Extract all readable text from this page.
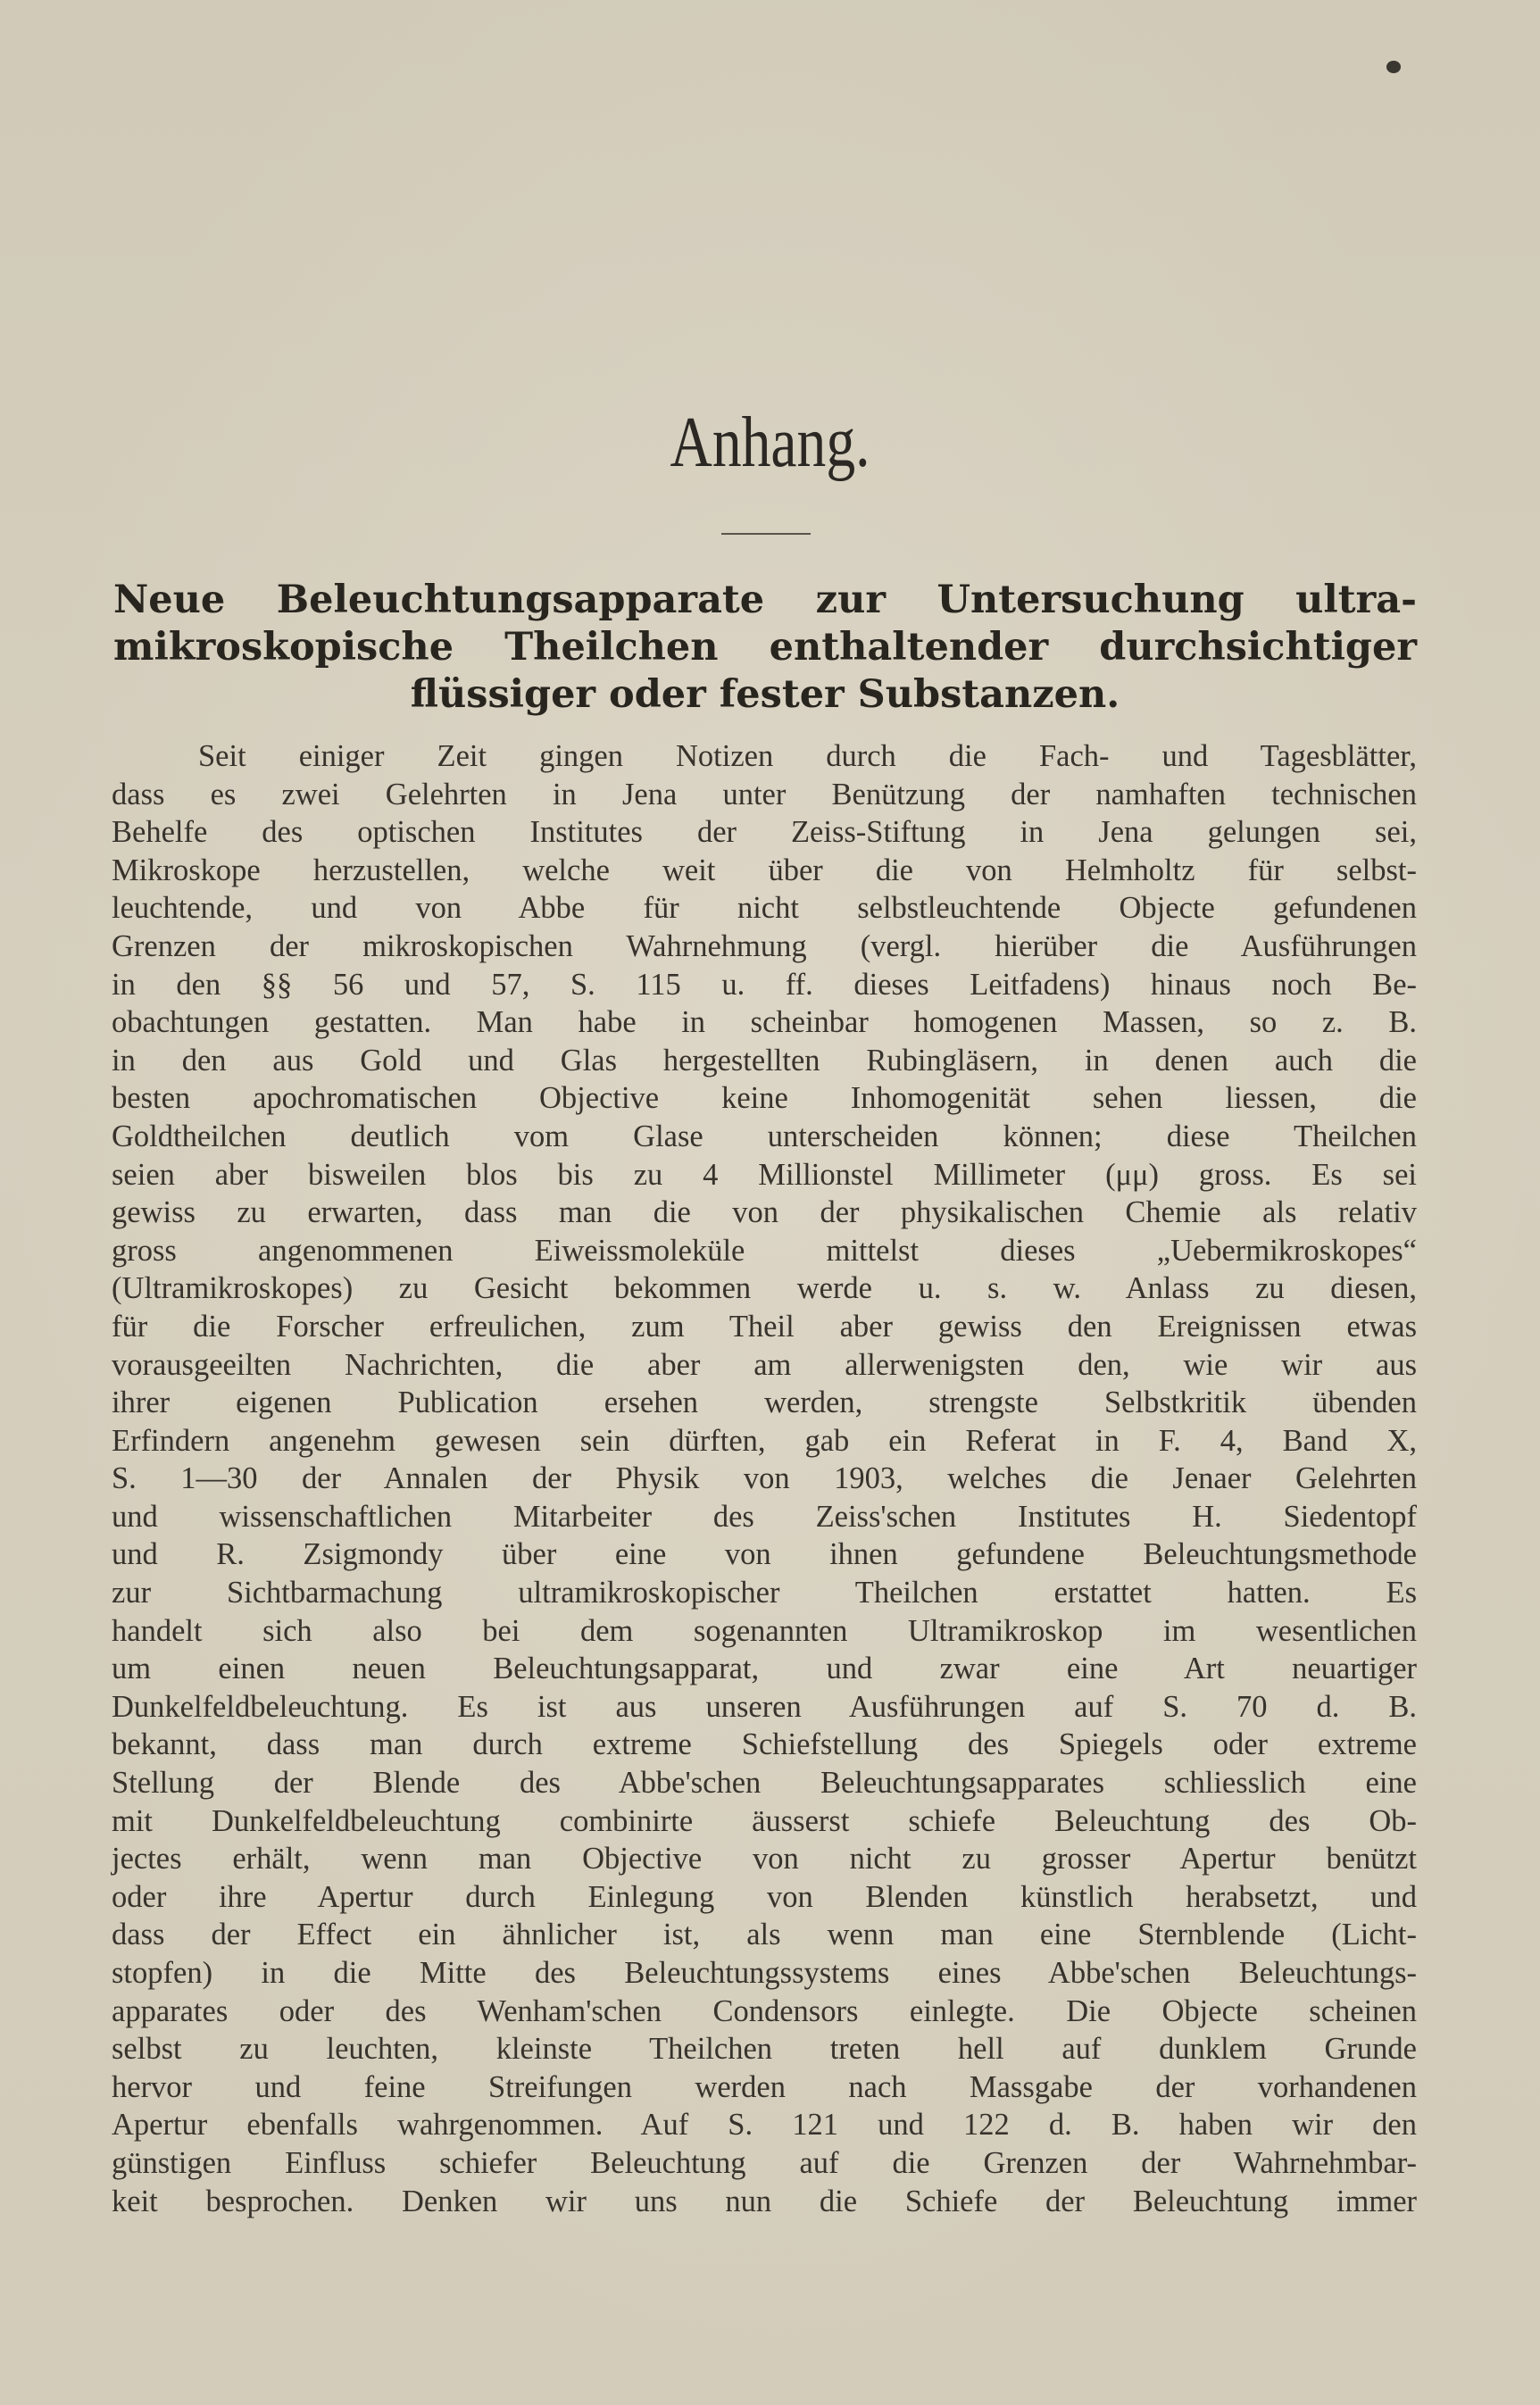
Anhang.
Neue Beleuchtungsapparate zur Untersuchung ultra-
mikroskopische Theilchen enthaltender durchsichtiger
flüssiger oder fester Substanzen.
Seit einiger Zeit gingen Notizen durch die Fach- und Tagesblätter,
dass es zwei Gelehrten in Jena unter Benützung der namhaften technischen
Behelfe des optischen Institutes der Zeiss-Stiftung in Jena gelungen sei,
Mikroskope herzustellen, welche weit über die von Helmholtz für selbst-
leuchtende, und von Abbe für nicht selbstleuchtende Objecte gefundenen
Grenzen der mikroskopischen Wahrnehmung (vergl. hierüber die Ausführungen
in den §§ 56 und 57, S. 115 u. ff. dieses Leitfadens) hinaus noch Be-
obachtungen gestatten. Man habe in scheinbar homogenen Massen, so z. B.
in den aus Gold und Glas hergestellten Rubingläsern, in denen auch die
besten apochromatischen Objective keine Inhomogenität sehen liessen, die
Goldtheilchen deutlich vom Glase unterscheiden können; diese Theilchen
seien aber bisweilen blos bis zu 4 Millionstel Millimeter (μμ) gross. Es sei
gewiss zu erwarten, dass man die von der physikalischen Chemie als relativ
gross angenommenen Eiweissmoleküle mittelst dieses „Uebermikroskopes“
(Ultramikroskopes) zu Gesicht bekommen werde u. s. w. Anlass zu diesen,
für die Forscher erfreulichen, zum Theil aber gewiss den Ereignissen etwas
vorausgeeilten Nachrichten, die aber am allerwenigsten den, wie wir aus
ihrer eigenen Publication ersehen werden, strengste Selbstkritik übenden
Erfindern angenehm gewesen sein dürften, gab ein Referat in F. 4, Band X,
S. 1—30 der Annalen der Physik von 1903, welches die Jenaer Gelehrten
und wissenschaftlichen Mitarbeiter des Zeiss'schen Institutes H. Siedentopf
und R. Zsigmondy über eine von ihnen gefundene Beleuchtungsmethode
zur Sichtbarmachung ultramikroskopischer Theilchen erstattet hatten. Es
handelt sich also bei dem sogenannten Ultramikroskop im wesentlichen
um einen neuen Beleuchtungsapparat, und zwar eine Art neuartiger
Dunkelfeldbeleuchtung. Es ist aus unseren Ausführungen auf S. 70 d. B.
bekannt, dass man durch extreme Schiefstellung des Spiegels oder extreme
Stellung der Blende des Abbe'schen Beleuchtungsapparates schliesslich eine
mit Dunkelfeldbeleuchtung combinirte äusserst schiefe Beleuchtung des Ob-
jectes erhält, wenn man Objective von nicht zu grosser Apertur benützt
oder ihre Apertur durch Einlegung von Blenden künstlich herabsetzt, und
dass der Effect ein ähnlicher ist, als wenn man eine Sternblende (Licht-
stopfen) in die Mitte des Beleuchtungssystems eines Abbe'schen Beleuchtungs-
apparates oder des Wenham'schen Condensors einlegte. Die Objecte scheinen
selbst zu leuchten, kleinste Theilchen treten hell auf dunklem Grunde
hervor und feine Streifungen werden nach Massgabe der vorhandenen
Apertur ebenfalls wahrgenommen. Auf S. 121 und 122 d. B. haben wir den
günstigen Einfluss schiefer Beleuchtung auf die Grenzen der Wahrnehmbar-
keit besprochen. Denken wir uns nun die Schiefe der Beleuchtung immer
